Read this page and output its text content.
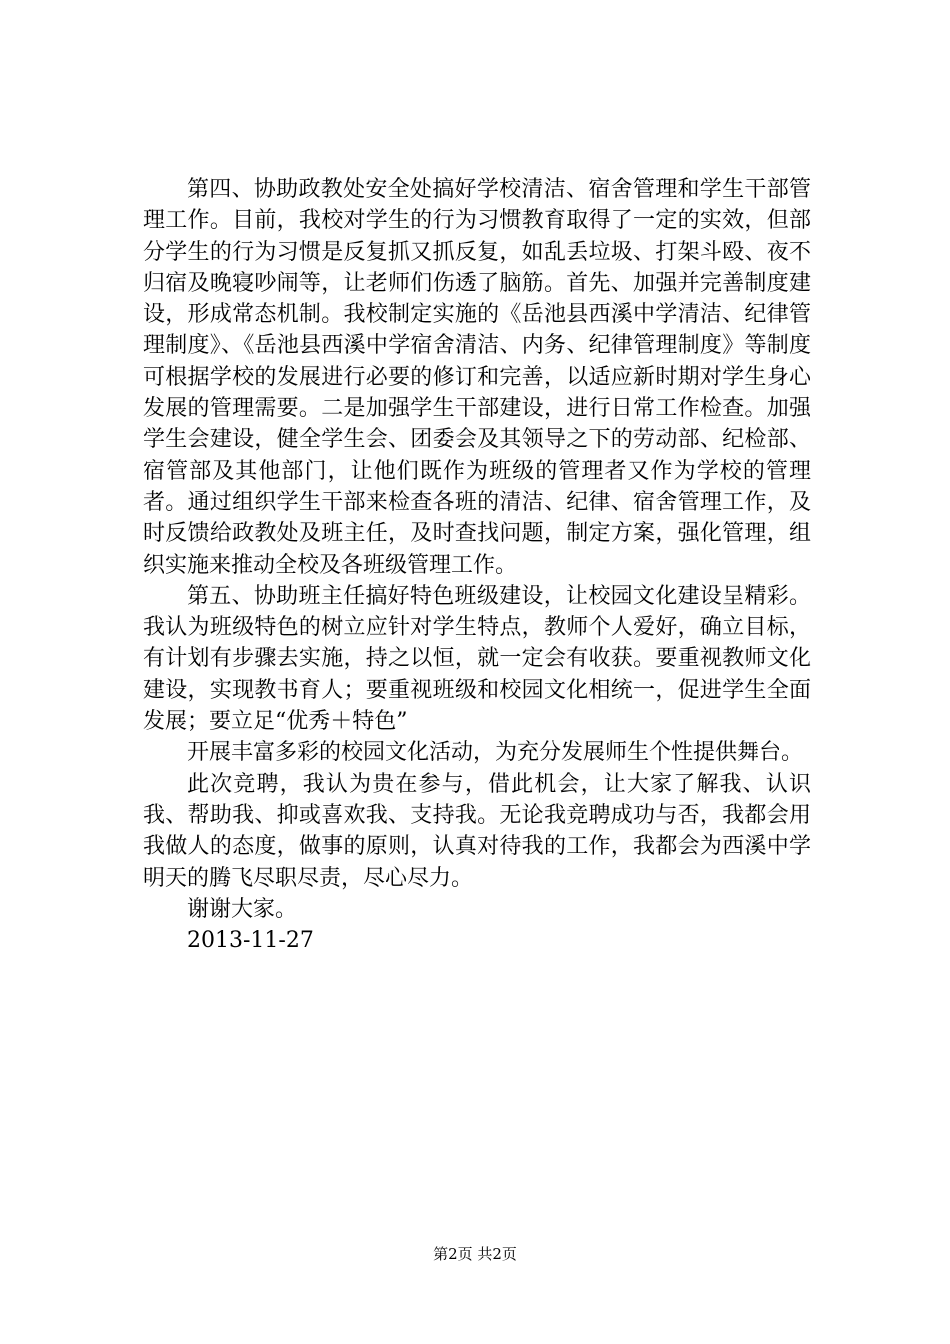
第四、协助政教处安全处搞好学校清洁、宿舍管理和学生干部管理工作。目前，我校对学生的行为习惯教育取得了一定的实效，但部分学生的行为习惯是反复抓又抓反复，如乱丢垃圾、打架斗殴、夜不归宿及晚寝吵闹等，让老师们伤透了脑筋。首先、加强并完善制度建设，形成常态机制。我校制定实施的《岳池县西溪中学清洁、纪律管理制度》、《岳池县西溪中学宿舍清洁、内务、纪律管理制度》等制度可根据学校的发展进行必要的修订和完善，以适应新时期对学生身心发展的管理需要。二是加强学生干部建设，进行日常工作检查。加强学生会建设，健全学生会、团委会及其领导之下的劳动部、纪检部、宿管部及其他部门，让他们既作为班级的管理者又作为学校的管理者。通过组织学生干部来检查各班的清洁、纪律、宿舍管理工作，及时反馈给政教处及班主任，及时查找问题，制定方案，强化管理，组织实施来推动全校及各班级管理工作。

第五、协助班主任搞好特色班级建设，让校园文化建设呈精彩。我认为班级特色的树立应针对学生特点，教师个人爱好，确立目标，有计划有步骤去实施，持之以恒，就一定会有收获。要重视教师文化建设，实现教书育人；要重视班级和校园文化相统一，促进学生全面发展；要立足“优秀＋特色”

开展丰富多彩的校园文化活动，为充分发展师生个性提供舞台。

此次竞聘，我认为贵在参与，借此机会，让大家了解我、认识我、帮助我、抑或喜欢我、支持我。无论我竞聘成功与否，我都会用我做人的态度，做事的原则，认真对待我的工作，我都会为西溪中学明天的腾飞尽职尽责，尽心尽力。

谢谢大家。

2013-11-27

第2页 共2页
